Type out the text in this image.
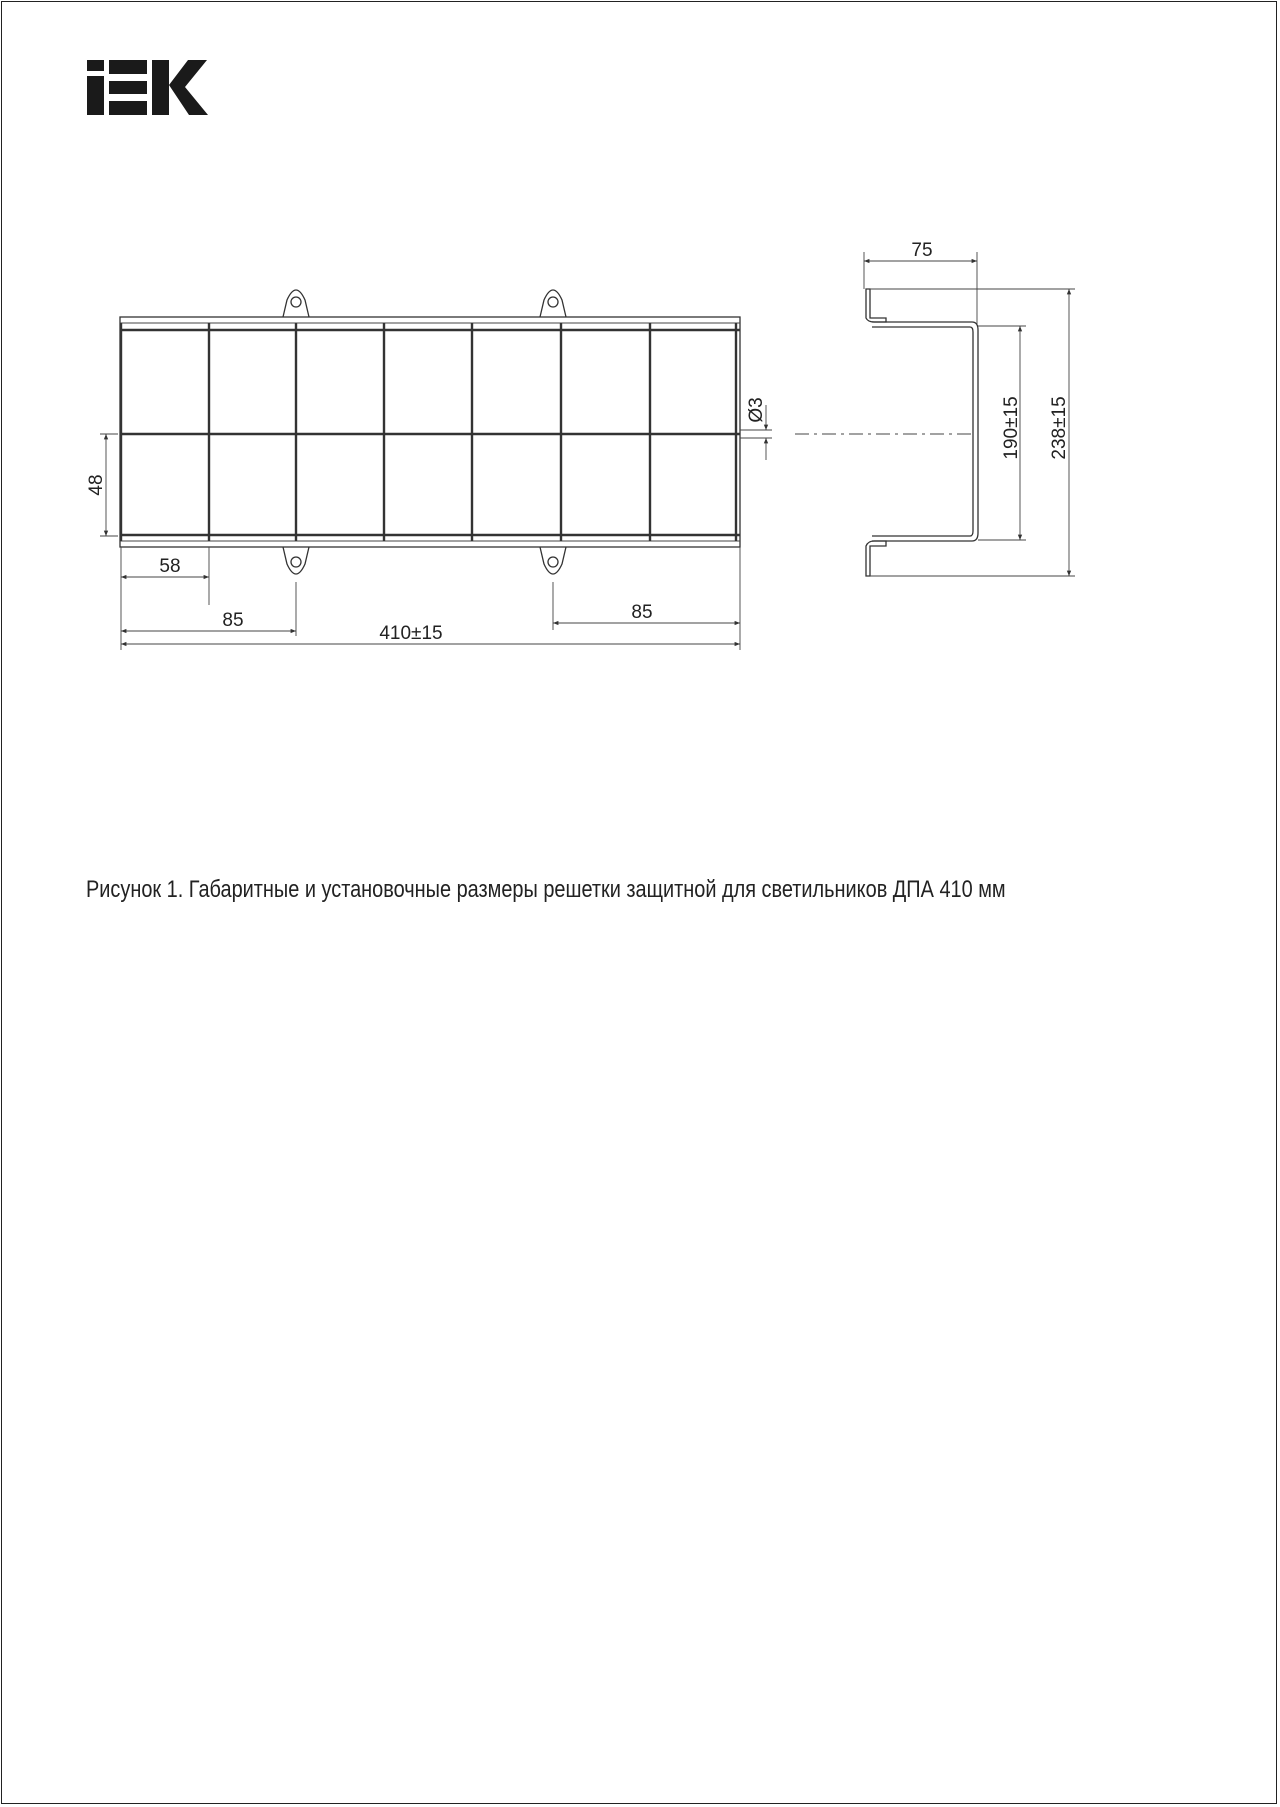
48
58
85	85
410±15
Ø3
75
190±15 238±15
Рисунок 1. Габаритные и установочные размеры решетки защитной для светильников ДПА 410 мм
